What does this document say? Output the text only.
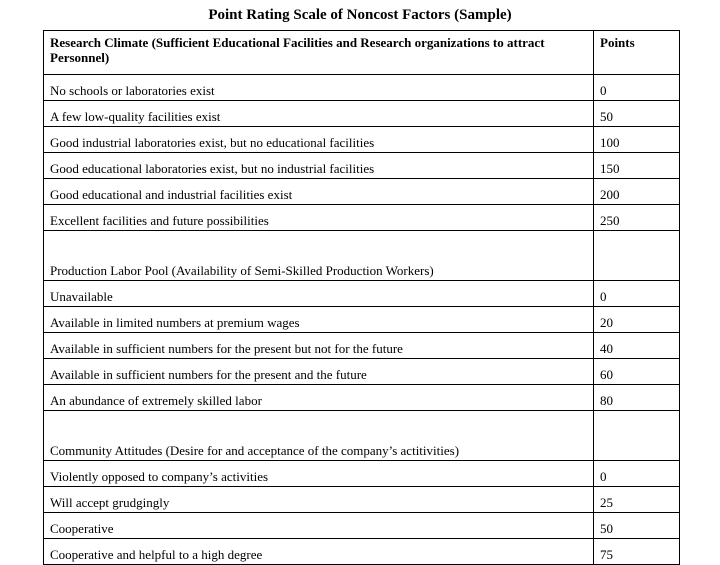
Point Rating Scale of Noncost Factors (Sample)
Research Climate (Sufficient Educational Facilities and Research organizations to attract Personnel)	Points
No schools or laboratories exist	0
A few low-quality facilities exist	50
Good industrial laboratories exist, but no educational facilities	100
Good educational laboratories exist, but no industrial facilities	150
Good educational and industrial facilities exist	200
Excellent facilities and future possibilities	250
Production Labor Pool (Availability of Semi-Skilled Production Workers)	
Unavailable	0
Available in limited numbers at premium wages	20
Available in sufficient numbers for the present but not for the future	40
Available in sufficient numbers for the present and the future	60
An abundance of extremely skilled labor	80
Community Attitudes (Desire for and acceptance of the company’s actitivities)	
Violently opposed to company’s activities	0
Will accept grudgingly	25
Cooperative	50
Cooperative and helpful to a high degree	75
